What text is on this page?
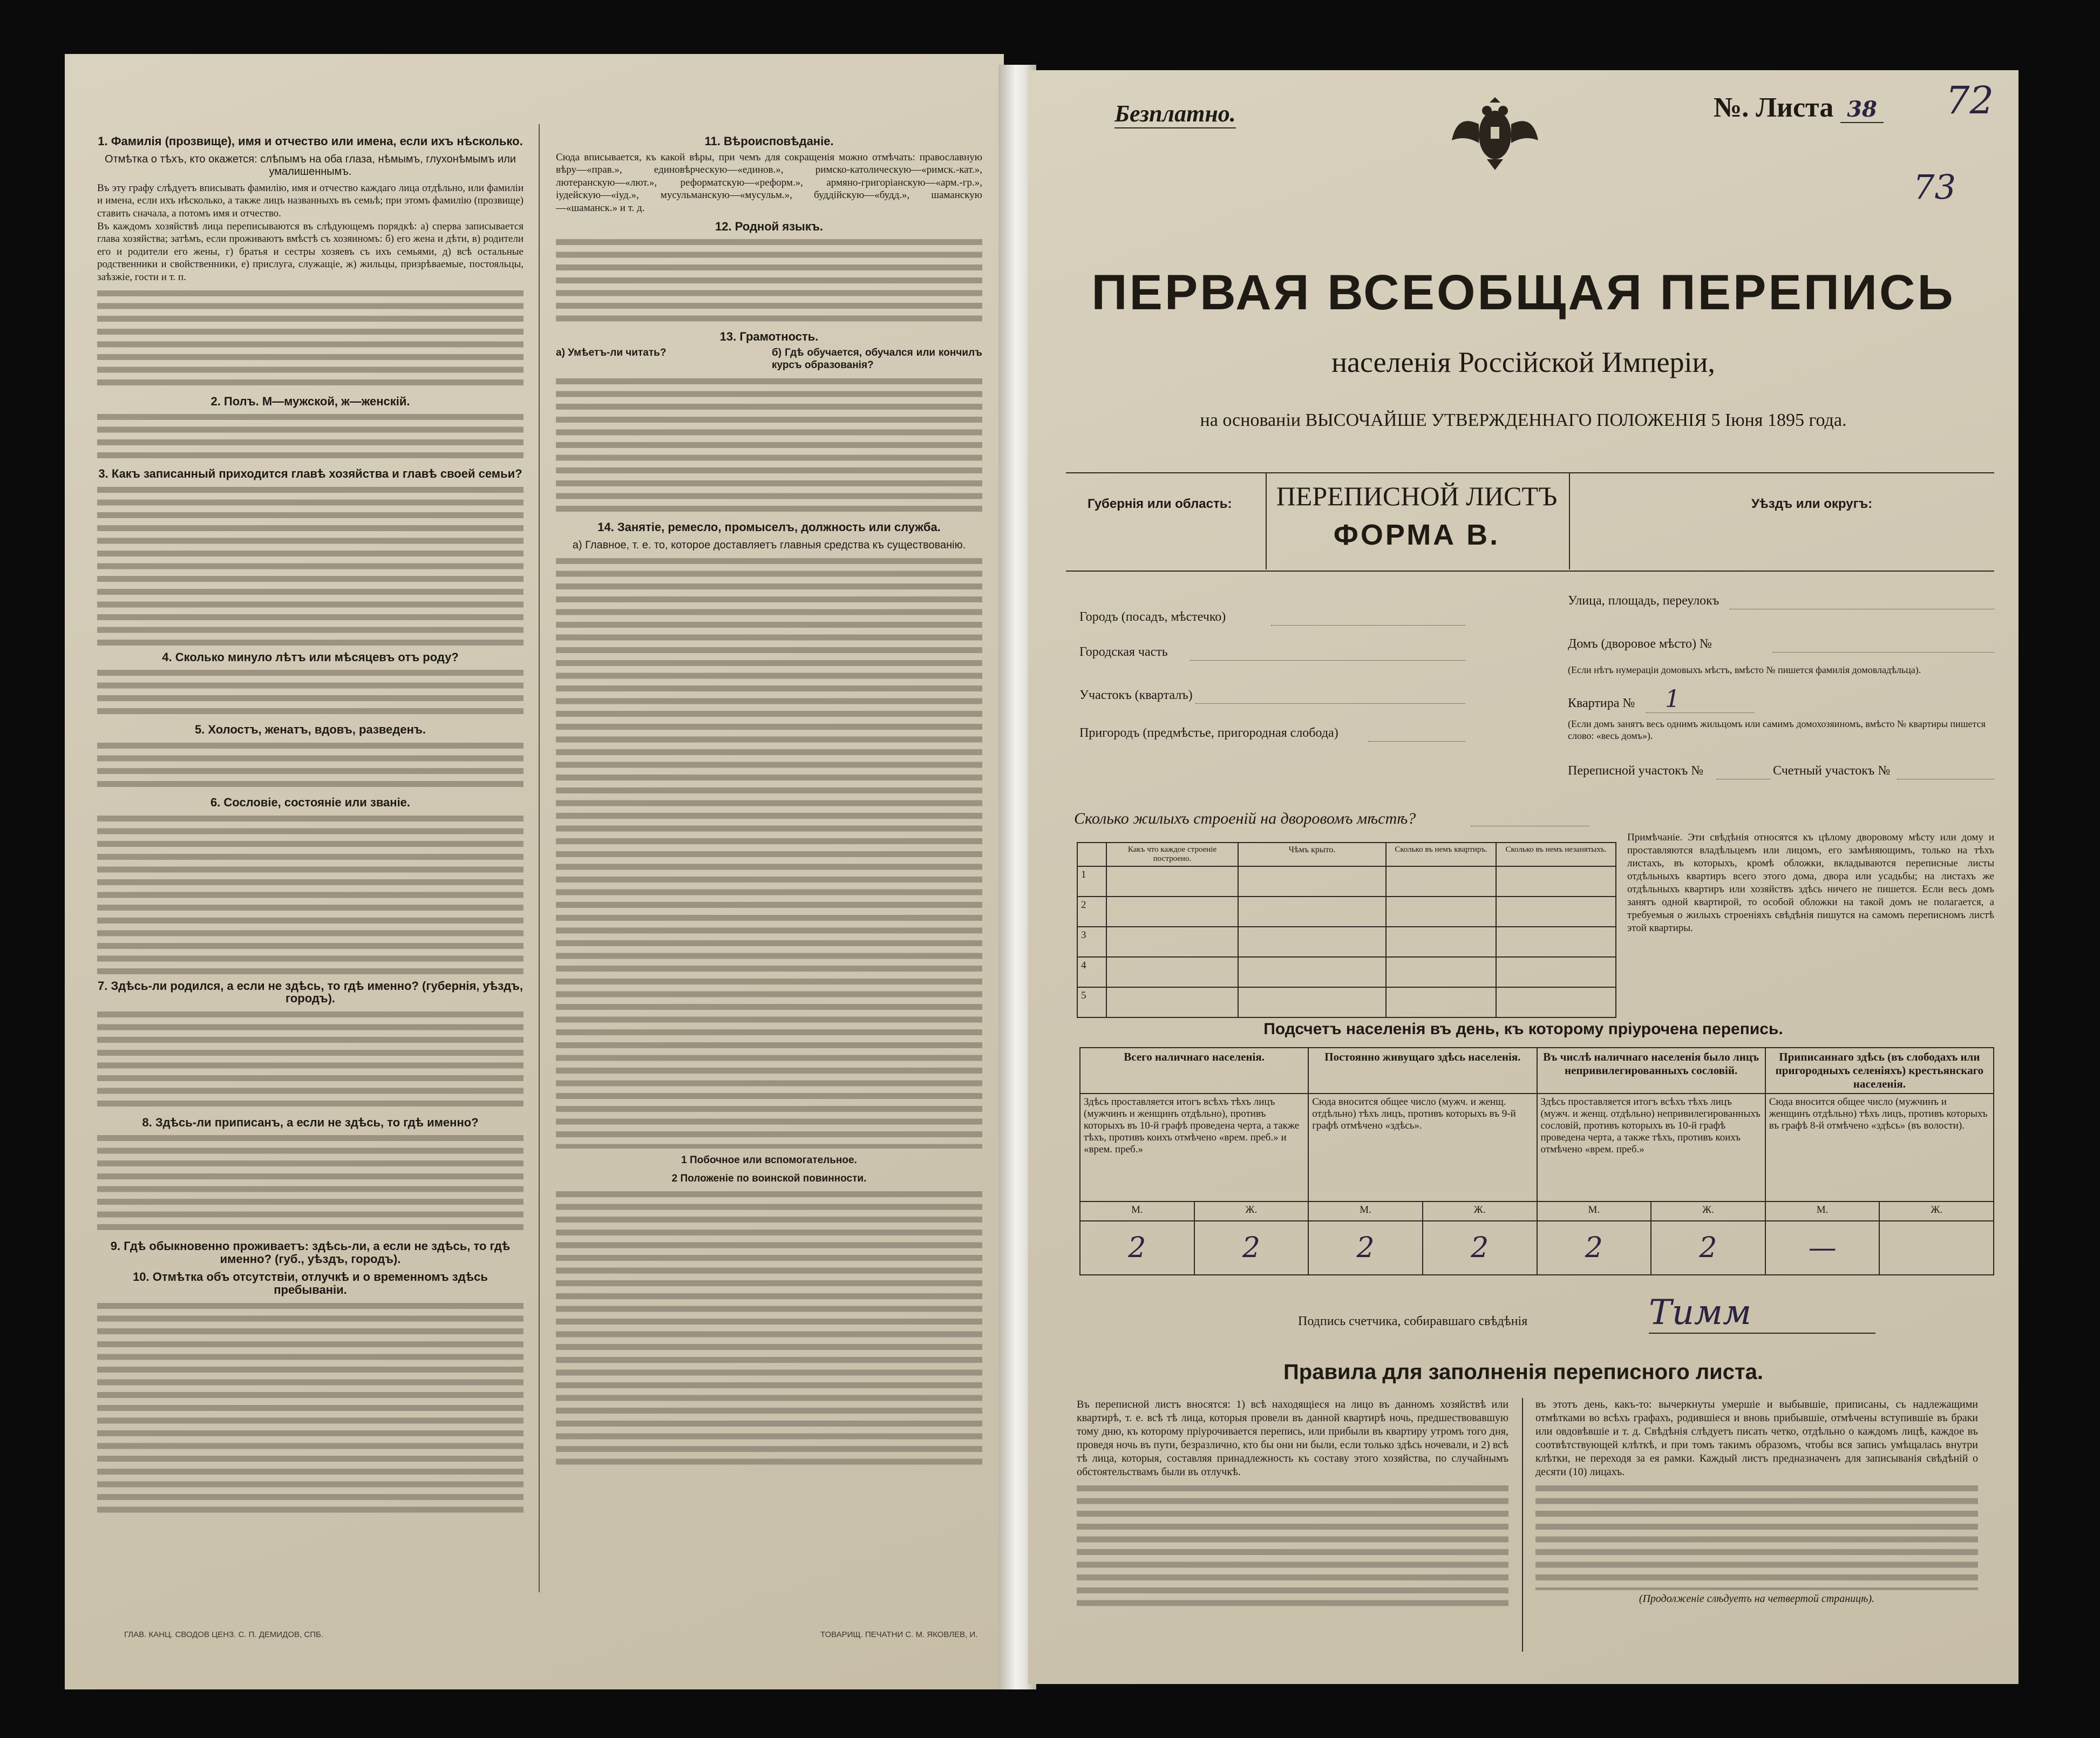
1. Фамилія (прозвище), имя и отчество или имена, если ихъ нѣсколько.
Отмѣтка о тѣхъ, кто окажется: слѣпымъ на оба глаза, нѣмымъ, глухонѣмымъ или умалишеннымъ.

Въ эту графу слѣдуетъ вписывать фамилію, имя и отчество каждаго лица отдѣльно, или фамиліи и имена, если ихъ нѣсколько, а также лицъ названныхъ въ семьѣ; при этомъ фамилію (прозвище) ставить сначала, а потомъ имя и отчество.

Въ каждомъ хозяйствѣ лица переписываются въ слѣдующемъ порядкѣ: а) сперва записывается глава хозяйства; затѣмъ, если проживаютъ вмѣстѣ съ хозяиномъ: б) его жена и дѣти, в) родители его и родители его жены, г) братья и сестры хозяевъ съ ихъ семьями, д) всѣ остальные родственники и свойственники, е) прислуга, служащіе, ж) жильцы, призрѣваемые, постояльцы, заѣзжіе, гости и т. п.

2. Полъ. М—мужской, ж—женскій.
3. Какъ записанный приходится главѣ хозяйства и главѣ своей семьи?
4. Сколько минуло лѣтъ или мѣсяцевъ отъ роду?
5. Холостъ, женатъ, вдовъ, разведенъ.
6. Сословіе, состояніе или званіе.
7. Здѣсь-ли родился, а если не здѣсь, то гдѣ именно? (губернія, уѣздъ, городъ).
8. Здѣсь-ли приписанъ, а если не здѣсь, то гдѣ именно?
9. Гдѣ обыкновенно проживаетъ: здѣсь-ли, а если не здѣсь, то гдѣ именно? (губ., уѣздъ, городъ).
10. Отмѣтка объ отсутствіи, отлучкѣ и о временномъ здѣсь пребываніи.
11. Вѣроисповѣданіе.

Сюда вписывается, къ какой вѣры, при чемъ для сокращенія можно отмѣчать: православную вѣру—«прав.», единовѣрческую—«единов.», римско-католическую—«римск.-кат.», лютеранскую—«лют.», реформатскую—«реформ.», армяно-григоріанскую—«арм.-гр.», іудейскую—«іуд.», мусульманскую—«мусульм.», буддійскую—«будд.», шаманскую—«шаманск.» и т. д.

12. Родной языкъ.
13. Грамотность.
а) Умѣетъ-ли читать?	б) Гдѣ обучается, обучался или кончилъ курсъ образованія?
14. Занятіе, ремесло, промыселъ, должность или служба.
а) Главное, т. е. то, которое доставляетъ главныя средства къ существованію.
1 Побочное или вспомогательное.
2 Положеніе по воинской повинности.
ГЛАВ. КАНЦ. СВОДОВ ЦЕНЗ. С. П. ДЕМИДОВ, СПБ.	ТОВАРИЩ. ПЕЧАТНИ С. М. ЯКОВЛЕВ, И.
Безплатно.	№. Листа 38 72
73
ПЕРВАЯ ВСЕОБЩАЯ ПЕРЕПИСЬ
населенія Россійской Имперіи,
на основаніи ВЫСОЧАЙШЕ УТВЕРЖДЕННАГО ПОЛОЖЕНІЯ 5 Іюня 1895 года.
Губернія или область:	ПЕРЕПИСНОЙ ЛИСТЪ
ФОРМА В.
Уѣздъ или округъ:
Городъ (посадъ, мѣстечко)
Улица, площадь, переулокъ
Городская часть
Домъ (дворовое мѣсто) №
(Если нѣтъ нумераціи домовыхъ мѣстъ, вмѣсто № пишется фамилія домовладѣльца).
Участокъ (кварталъ)
Квартира № 1
Пригородъ (предмѣстье, пригородная слобода)
(Если домъ занятъ весь однимъ жильцомъ или самимъ домохозяиномъ, вмѣсто № квартиры пишется слово: «весь домъ»).
Переписной участокъ №	Счетный участокъ №
Сколько жилыхъ строеній на дворовомъ мѣстѣ?
	Какъ что каждое строеніе построено.	Чѣмъ крыто.	Сколько въ немъ квартиръ.	Сколько въ немъ незанятыхъ.
1				
2				
3				
4				
5				
Примѣчаніе. Эти свѣдѣнія относятся къ цѣлому дворовому мѣсту или дому и проставляются владѣльцемъ или лицомъ, его замѣняющимъ, только на тѣхъ листахъ, въ которыхъ, кромѣ обложки, вкладываются переписные листы отдѣльныхъ квартиръ всего этого дома, двора или усадьбы; на листахъ же отдѣльныхъ квартиръ или хозяйствъ здѣсь ничего не пишется. Если весь домъ занятъ одной квартирой, то особой обложки на такой домъ не полагается, а требуемыя о жилыхъ строеніяхъ свѣдѣнія пишутся на самомъ переписномъ листѣ этой квартиры.
Подсчетъ населенія въ день, къ которому пріурочена перепись.
Всего наличнаго населенія.		Постоянно живущаго здѣсь населенія.		Въ числѣ наличнаго населенія было лицъ непривилегированныхъ сословій.		Приписаннаго здѣсь (въ слободахъ или пригородныхъ селеніяхъ) крестьянскаго населенія.	
Здѣсь проставляется итогъ всѣхъ тѣхъ лицъ (мужчинъ и женщинъ отдѣльно), противъ которыхъ въ 10-й графѣ проведена черта, а также тѣхъ, противъ коихъ отмѣчено «врем. преб.» и «врем. преб.»		Сюда вносится общее число (мужч. и женщ. отдѣльно) тѣхъ лицъ, противъ которыхъ въ 9-й графѣ отмѣчено «здѣсь».		Здѣсь проставляется итогъ всѣхъ тѣхъ лицъ (мужч. и женщ. отдѣльно) непривилегированныхъ сословій, противъ которыхъ въ 10-й графѣ проведена черта, а также тѣхъ, противъ коихъ отмѣчено «врем. преб.»		Сюда вносится общее число (мужчинъ и женщинъ отдѣльно) тѣхъ лицъ, противъ которыхъ въ графѣ 8-й отмѣчено «здѣсь» (въ волости).	
М.	Ж.	М.	Ж.	М.	Ж.	М.	Ж.
2	2	2	2	2	2	—	
Подпись счетчика, собиравшаго свѣдѣнія	Тимм
Правила для заполненія переписного листа.

Въ переписной листъ вносятся: 1) всѣ находящіеся на лицо въ данномъ хозяйствѣ или квартирѣ, т. е. всѣ тѣ лица, которыя провели въ данной квартирѣ ночь, предшествовавшую тому дню, къ которому пріурочивается перепись, или прибыли въ квартиру утромъ того дня, проведя ночь въ пути, безразлично, кто бы они ни были, если только здѣсь ночевали, и 2) всѣ тѣ лица, которыя, составляя принадлежность къ составу этого хозяйства, по случайнымъ обстоятельствамъ были въ отлучкѣ.

въ этотъ день, какъ-то: вычеркнуты умершіе и выбывшіе, приписаны, съ надлежащими отмѣтками во всѣхъ графахъ, родившіеся и вновь прибывшіе, отмѣчены вступившіе въ браки или овдовѣвшіе и т. д. Свѣдѣнія слѣдуетъ писать четко, отдѣльно о каждомъ лицѣ, каждое въ соотвѣтствующей клѣткѣ, и при томъ такимъ образомъ, чтобы вся запись умѣщалась внутри клѣтки, не переходя за ея рамки. Каждый листъ предназначенъ для записыванія свѣдѣній о десяти (10) лицахъ.

(Продолженіе слѣдуетъ на четвертой страницѣ).
